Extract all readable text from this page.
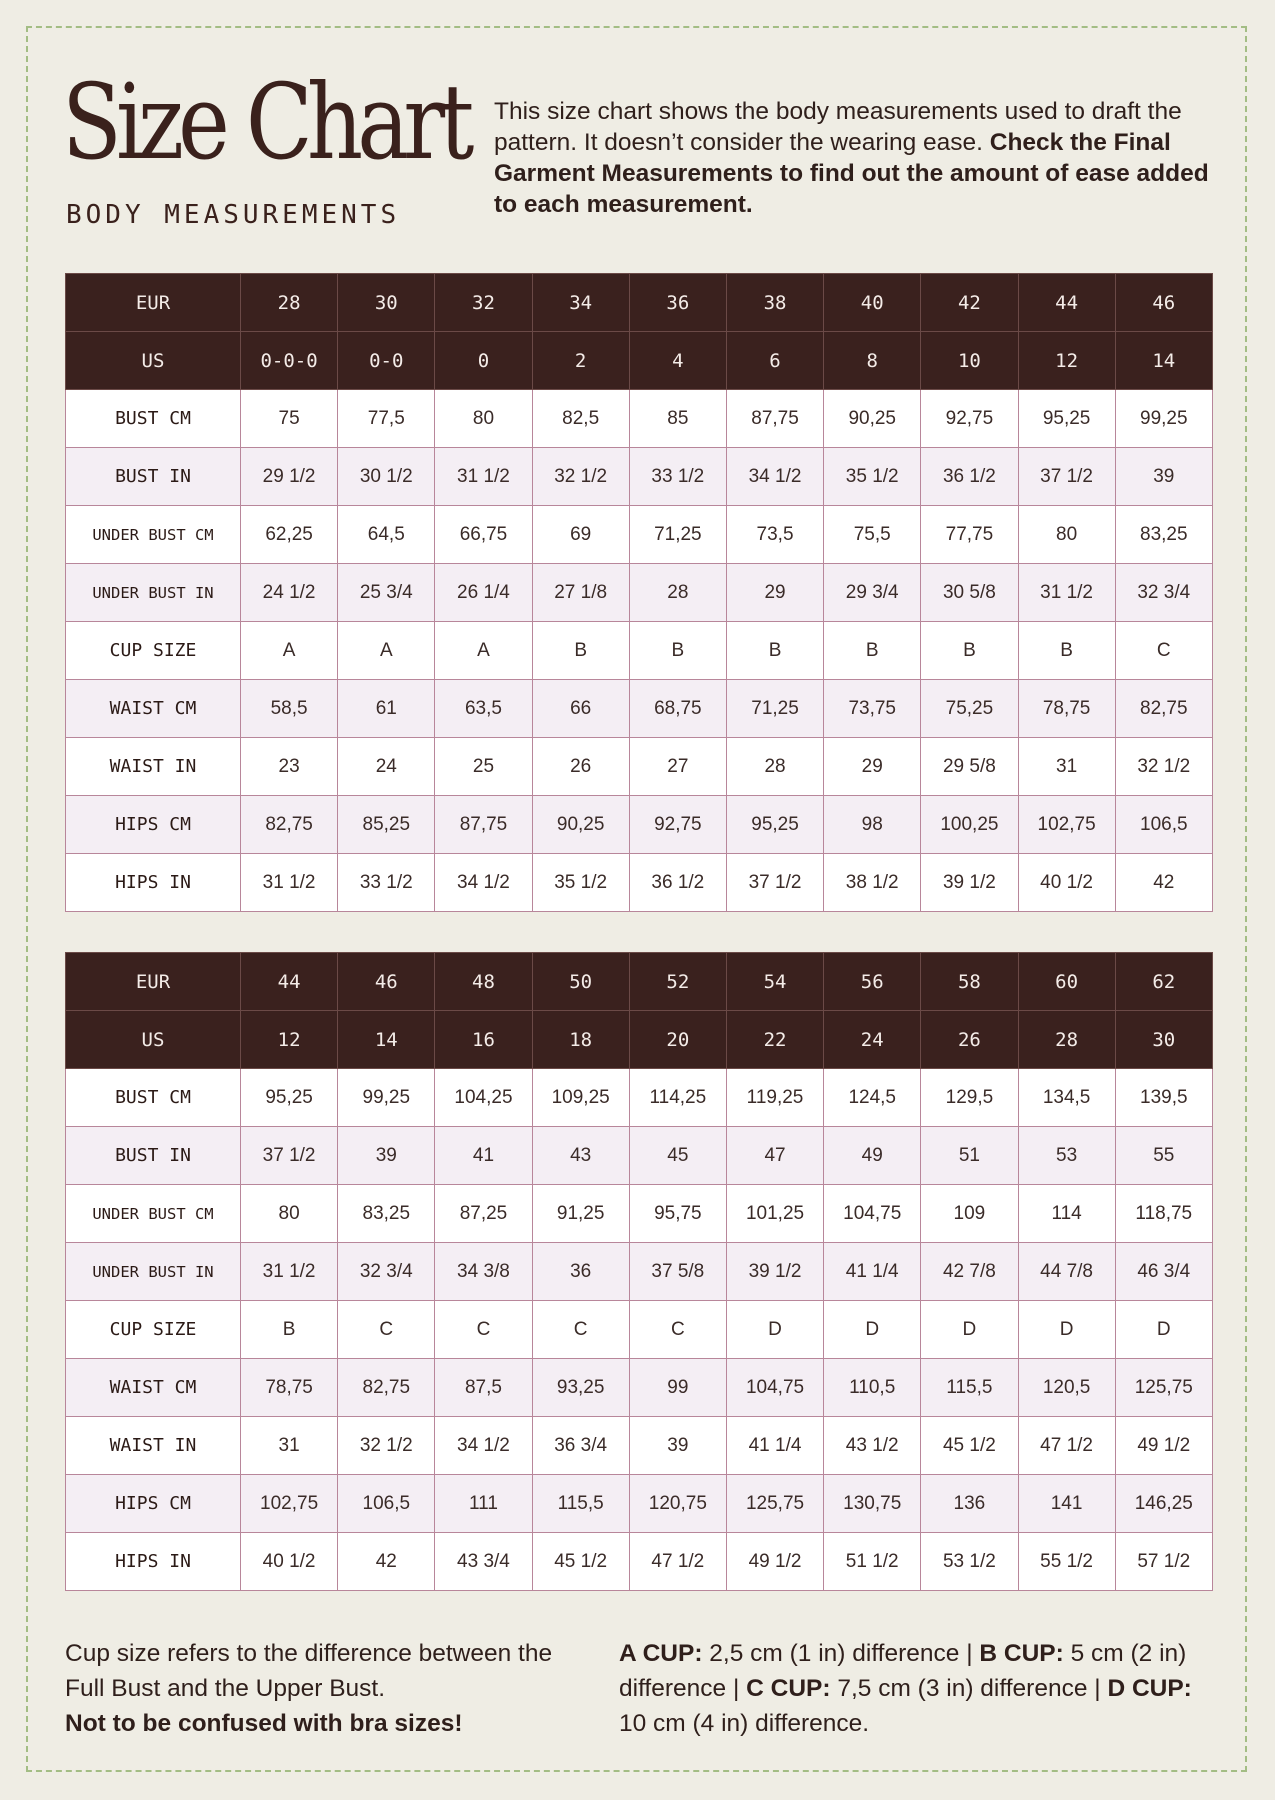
Size Chart
BODY MEASUREMENTS
This size chart shows the body measurements used to draft the pattern. It doesn’t consider the wearing ease. Check the Final Garment Measurements to find out the amount of ease added to each measurement.
EUR	28	30	32	34	36	38	40	42	44	46
US	0-0-0	0-0	0	2	4	6	8	10	12	14
BUST CM	75	77,5	80	82,5	85	87,75	90,25	92,75	95,25	99,25
BUST IN	29 1/2	30 1/2	31 1/2	32 1/2	33 1/2	34 1/2	35 1/2	36 1/2	37 1/2	39
UNDER BUST CM	62,25	64,5	66,75	69	71,25	73,5	75,5	77,75	80	83,25
UNDER BUST IN	24 1/2	25 3/4	26 1/4	27 1/8	28	29	29 3/4	30 5/8	31 1/2	32 3/4
CUP SIZE	A	A	A	B	B	B	B	B	B	C
WAIST CM	58,5	61	63,5	66	68,75	71,25	73,75	75,25	78,75	82,75
WAIST IN	23	24	25	26	27	28	29	29 5/8	31	32 1/2
HIPS CM	82,75	85,25	87,75	90,25	92,75	95,25	98	100,25	102,75	106,5
HIPS IN	31 1/2	33 1/2	34 1/2	35 1/2	36 1/2	37 1/2	38 1/2	39 1/2	40 1/2	42
EUR	44	46	48	50	52	54	56	58	60	62
US	12	14	16	18	20	22	24	26	28	30
BUST CM	95,25	99,25	104,25	109,25	114,25	119,25	124,5	129,5	134,5	139,5
BUST IN	37 1/2	39	41	43	45	47	49	51	53	55
UNDER BUST CM	80	83,25	87,25	91,25	95,75	101,25	104,75	109	114	118,75
UNDER BUST IN	31 1/2	32 3/4	34 3/8	36	37 5/8	39 1/2	41 1/4	42 7/8	44 7/8	46 3/4
CUP SIZE	B	C	C	C	C	D	D	D	D	D
WAIST CM	78,75	82,75	87,5	93,25	99	104,75	110,5	115,5	120,5	125,75
WAIST IN	31	32 1/2	34 1/2	36 3/4	39	41 1/4	43 1/2	45 1/2	47 1/2	49 1/2
HIPS CM	102,75	106,5	111	115,5	120,75	125,75	130,75	136	141	146,25
HIPS IN	40 1/2	42	43 3/4	45 1/2	47 1/2	49 1/2	51 1/2	53 1/2	55 1/2	57 1/2
Cup size refers to the difference between the Full Bust and the Upper Bust.
Not to be confused with bra sizes!
A CUP: 2,5 cm (1 in) difference | B CUP: 5 cm (2 in) difference | C CUP: 7,5 cm (3 in) difference | D CUP: 10 cm (4 in) difference.
